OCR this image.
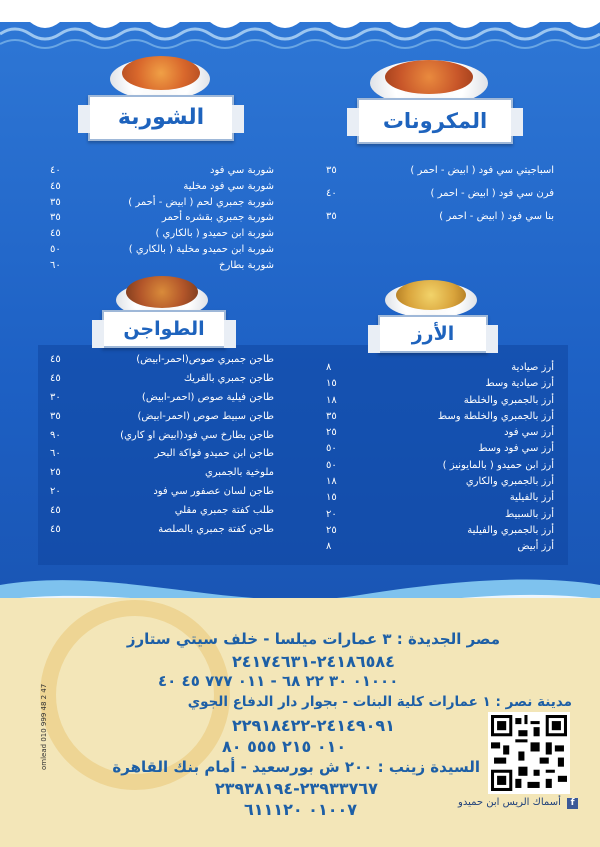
الشوربة
شوربة سي فود
٤٠
شوربة سي فود مخلية
٤٥
شوربة جمبري لحم ( ابيض - أحمر )
٣٥
شوربة جمبري بقشره أحمر
٣٥
شوربة ابن حميدو ( بالكاري )
٤٥
شوربة ابن حميدو مخلية ( بالكاري )
٥٠
شوربة بطارخ
٦٠
المكرونات
اسباجيتي سي فود ( ابيض - احمر )
٣٥
فرن سي فود ( ابيض - احمر )
٤٠
بنا سي فود ( ابيض - احمر )
٣٥
الطواجن
طاجن جمبري صوص(احمر-ابيض)
٤٥
طاجن جمبري بالفريك
٤٥
طاجن فيلية صوص (احمر-ابيض)
٣٠
طاجن سبيط صوص (احمر-ابيض)
٣٥
طاجن بطارخ سي فود(ابيض او كاري)
٩٠
طاجن ابن حميدو فواكة البحر
٦٠
ملوخية بالجمبري
٢٥
طاجن لسان عصفور سي فود
٢٠
طلب كفتة جمبري مقلي
٤٥
طاجن كفتة جمبري بالصلصة
٤٥
الأرز
أرز صيادية
٨
أرز صيادية وسط
١٥
أرز بالجمبري والخلطة
١٨
أرز بالجمبري والخلطة وسط
٣٥
أرز سي فود
٢٥
أرز سي فود وسط
٥٠
أرز ابن حميدو ( بالمايونيز )
٥٠
أرز بالجمبري والكاري
١٨
أرز بالفيلية
١٥
أرز بالسبيط
٢٠
أرز بالجمبري والفيلية
٢٥
أرز أبيض
٨
مصر الجديدة : ٣ عمارات ميلسا - خلف سيتي ستارز
٢٤١٨٦٥٨٤-٢٤١٧٤٦٣١
٠١٠٠٠ ٣٠ ٢٢ ٦٨ - ٠١١ ٧٧٧ ٤٥ ٤٠
مدينة نصر : ١ عمارات كلية البنات - بجوار دار الدفاع الجوي
٢٤١٤٩٠٩١-٢٢٩١٨٤٢٢
٠١٠ ٢١٥ ٥٥٥ ٨٠
السيدة زينب : ٢٠٠ ش بورسعيد - أمام بنك القاهرة
٢٣٩٣٣٧٦٧-٢٣٩٣٨١٩٤
٠١٠٠٧ ٦١١١٢٠	f أسماك الريس ابن حميدو
omlead 010 999 48 2 47
